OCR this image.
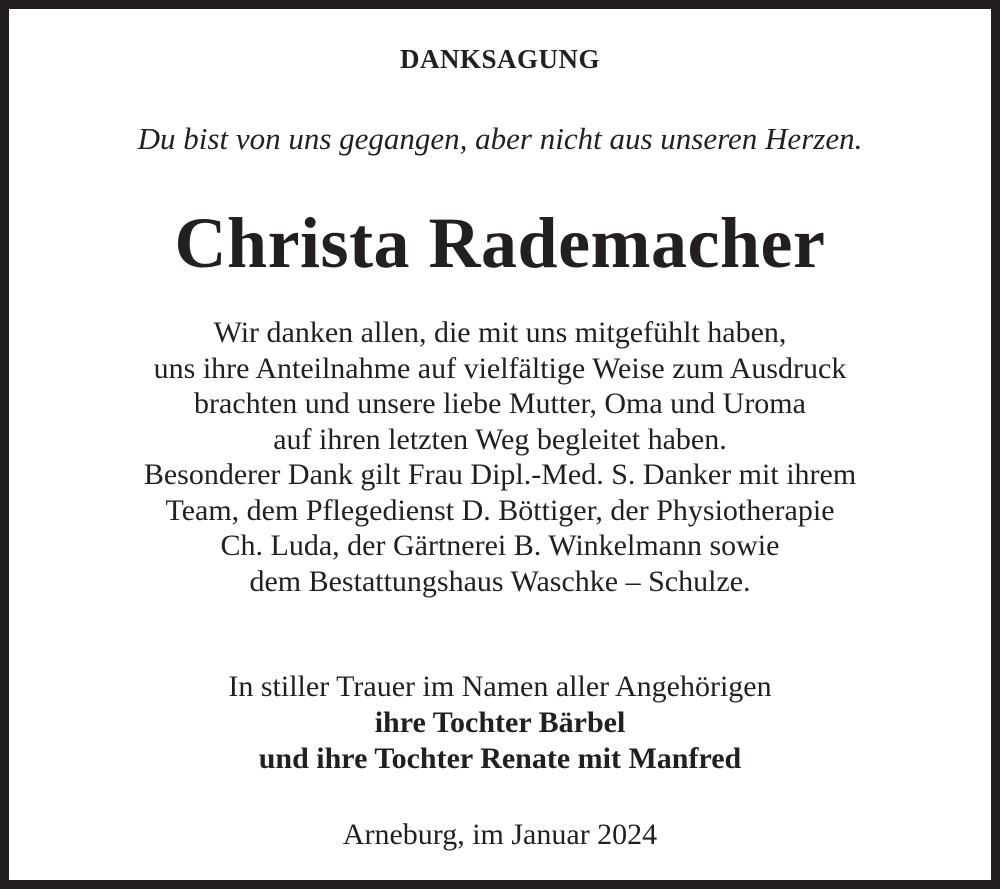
DANKSAGUNG
Du bist von uns gegangen, aber nicht aus unseren Herzen.
Christa Rademacher
Wir danken allen, die mit uns mitgefühlt haben,
uns ihre Anteilnahme auf vielfältige Weise zum Ausdruck
brachten und unsere liebe Mutter, Oma und Uroma
auf ihren letzten Weg begleitet haben.
Besonderer Dank gilt Frau Dipl.-Med. S. Danker mit ihrem
Team, dem Pflegedienst D. Böttiger, der Physiotherapie
Ch. Luda, der Gärtnerei B. Winkelmann sowie
dem Bestattungshaus Waschke – Schulze.
In stiller Trauer im Namen aller Angehörigen
ihre Tochter Bärbel
und ihre Tochter Renate mit Manfred
Arneburg, im Januar 2024
